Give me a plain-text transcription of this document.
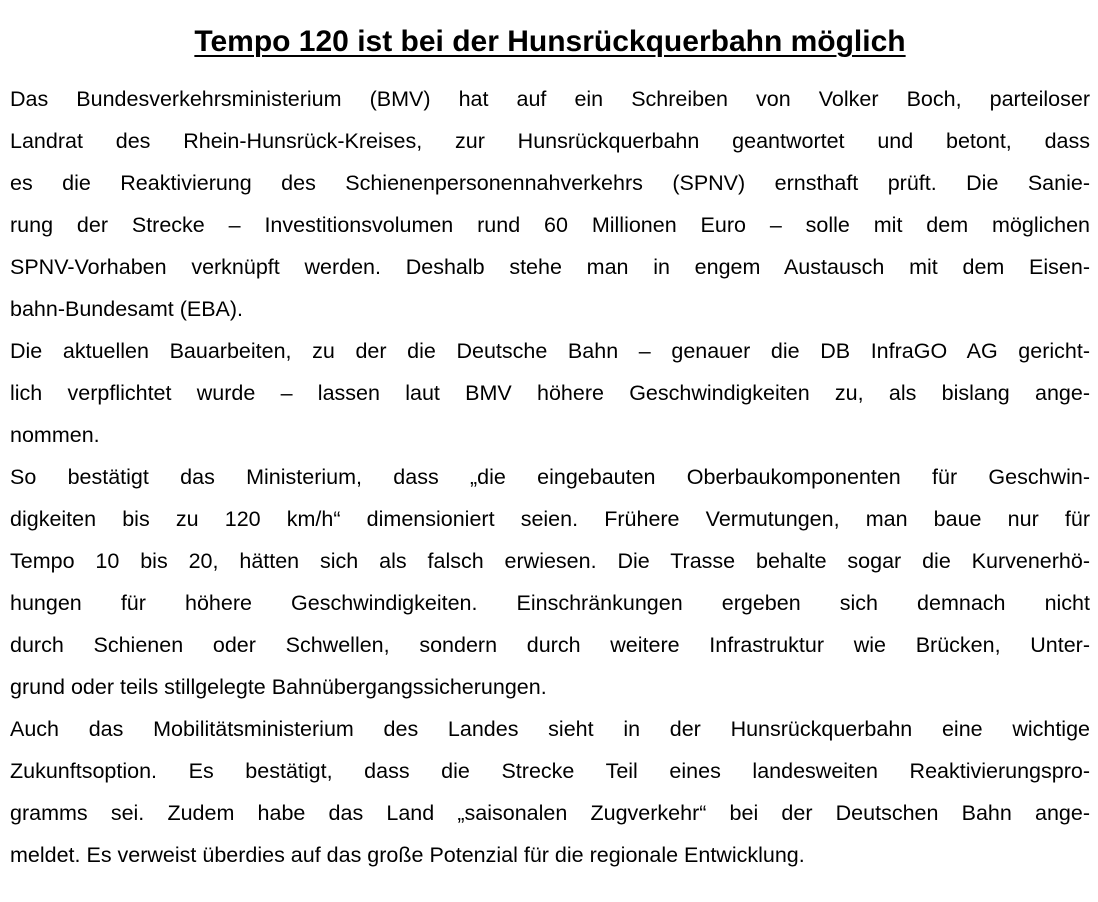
Tempo 120 ist bei der Hunsrückquerbahn möglich
Das Bundesverkehrsministerium (BMV) hat auf ein Schreiben von Volker Boch, parteiloser
Landrat des Rhein-Hunsrück-Kreises, zur Hunsrückquerbahn geantwortet und betont, dass
es die Reaktivierung des Schienenpersonennahverkehrs (SPNV) ernsthaft prüft. Die Sanie-
rung der Strecke – Investitionsvolumen rund 60 Millionen Euro – solle mit dem möglichen
SPNV-Vorhaben verknüpft werden. Deshalb stehe man in engem Austausch mit dem Eisen-
bahn-Bundesamt (EBA).
Die aktuellen Bauarbeiten, zu der die Deutsche Bahn – genauer die DB InfraGO AG gericht-
lich verpflichtet wurde – lassen laut BMV höhere Geschwindigkeiten zu, als bislang ange-
nommen.
So bestätigt das Ministerium, dass „die eingebauten Oberbaukomponenten für Geschwin-
digkeiten bis zu 120 km/h“ dimensioniert seien. Frühere Vermutungen, man baue nur für
Tempo 10 bis 20, hätten sich als falsch erwiesen. Die Trasse behalte sogar die Kurvenerhö-
hungen für höhere Geschwindigkeiten. Einschränkungen ergeben sich demnach nicht
durch Schienen oder Schwellen, sondern durch weitere Infrastruktur wie Brücken, Unter-
grund oder teils stillgelegte Bahnübergangssicherungen.
Auch das Mobilitätsministerium des Landes sieht in der Hunsrückquerbahn eine wichtige
Zukunftsoption. Es bestätigt, dass die Strecke Teil eines landesweiten Reaktivierungspro-
gramms sei. Zudem habe das Land „saisonalen Zugverkehr“ bei der Deutschen Bahn ange-
meldet. Es verweist überdies auf das große Potenzial für die regionale Entwicklung.
